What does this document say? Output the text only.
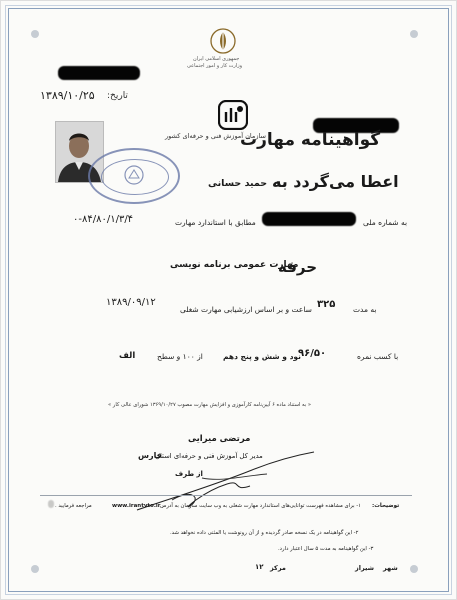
جمهوری اسلامی ایران
وزارت کار و امور اجتماعی
تاریخ:
۱۳۸۹/۱۰/۲۵
سازمان آموزش فنی و حرفه‌ای کشور
گواهینامه مهارت
اعطا می‌گردد به
حمید حسانی
به شماره ملی
مطابق با استاندارد مهارت
۰-۸۴/۸۰/۱/۳/۴
حرفه
مهارت عمومی برنامه نویسی
به مدت
۳۲۵
ساعت و بر اساس ارزشیابی مهارت شغلی
۱۳۸۹/۰۹/۱۲
با کسب نمره
۹۶/۵۰
نود و شش و پنج دهم
از ۱۰۰ و سطح
الف
« به استناد ماده ۶ آیین‌نامه کارآموزی و افزایش مهارت مصوب ۱۳۶۹/۱۰/۲۷ شورای عالی کار »
مرتضی میرایی
مدیر کل آموزش فنی و حرفه‌ای استان
فارس
از طرف
توضیحات:
۱- برای مشاهده فهرست توانایی‌های استاندارد مهارت شغلی به وب سایت سازمان به آدرس
www.irantvto.ir
مراجعه فرمایید .
۲- این گواهینامه در یک نسخه صادر گردیده و از آن رونوشت یا المثنی داده نخواهد شد.
۳- این گواهینامه به مدت ۵ سال اعتبار دارد.
شهر
شیراز
مرکز
۱۲
